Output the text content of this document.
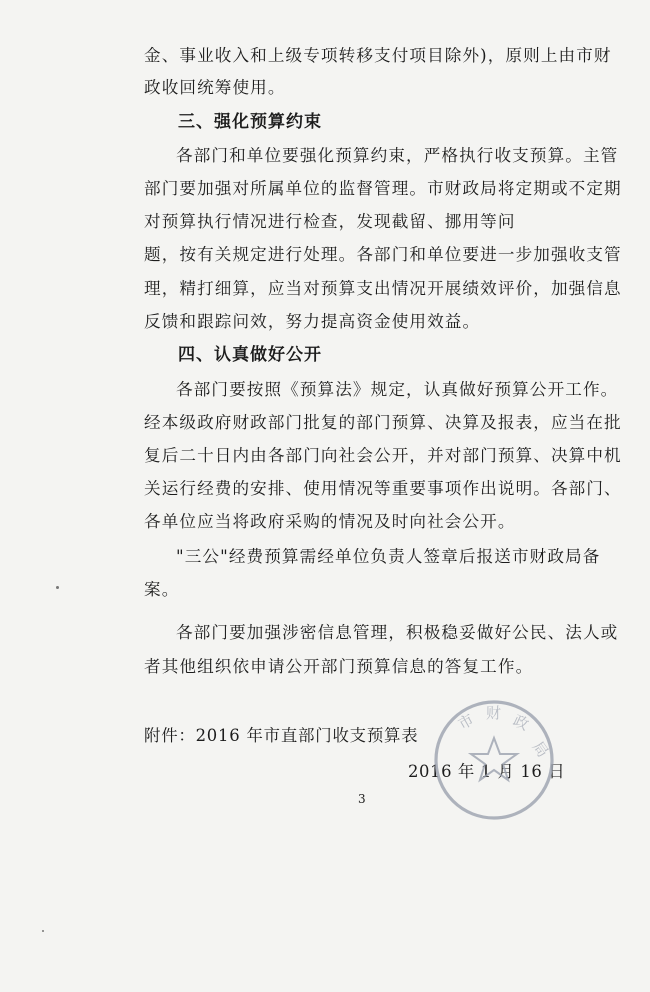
金、事业收入和上级专项转移支付项目除外)，原则上由市财
政收回统筹使用。
三、强化预算约束
各部门和单位要强化预算约束，严格执行收支预算。主管
部门要加强对所属单位的监督管理。市财政局将定期或不定期
对预算执行情况进行检查，发现截留、挪用等问
题，按有关规定进行处理。各部门和单位要进一步加强收支管
理，精打细算，应当对预算支出情况开展绩效评价，加强信息
反馈和跟踪问效，努力提高资金使用效益。
四、认真做好公开
各部门要按照《预算法》规定，认真做好预算公开工作。
经本级政府财政部门批复的部门预算、决算及报表，应当在批
复后二十日内由各部门向社会公开，并对部门预算、决算中机
关运行经费的安排、使用情况等重要事项作出说明。各部门、
各单位应当将政府采购的情况及时向社会公开。
"三公"经费预算需经单位负责人签章后报送市财政局备
案。
各部门要加强涉密信息管理，积极稳妥做好公民、法人或
者其他组织依申请公开部门预算信息的答复工作。
附件：2016 年市直部门收支预算表
2016 年 1 月 16 日
市 财 政
局
3
